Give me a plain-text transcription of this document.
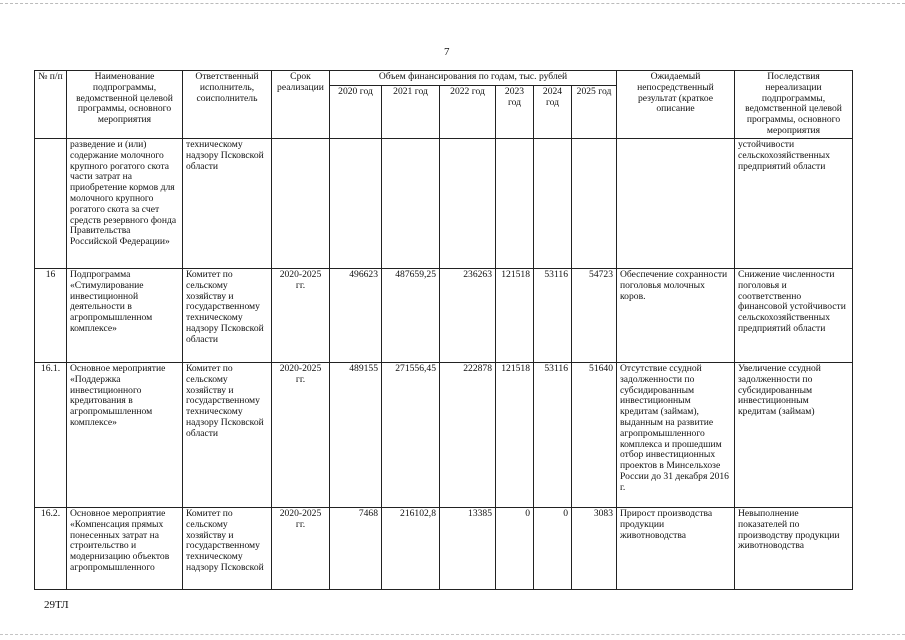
7
№ п/п	Наименование подпрограммы, ведомственной целевой программы, основного мероприятия	Ответственный исполнитель, соисполнитель	Срок реализации	Объем финансирования по годам, тыс. рублей						Ожидаемый непосредственный результат (краткое описание	Последствия нереализации подпрограммы, ведомственной целевой программы, основного мероприятия
				2020 год	2021 год	2022 год	2023 год	2024 год	2025 год		
	разведение и (или) содержание молочного крупного рогатого скота части затрат на приобретение кормов для молочного крупного рогатого скота за счет средств резервного фонда Правительства Российской Федерации»	техническому надзору Псковской области									устойчивости сельскохозяйственных предприятий области
16	Подпрограмма «Стимулирование инвестиционной деятельности в агропромышленном комплексе»	Комитет по сельскому хозяйству и государственному техническому надзору Псковской области	2020-2025 гг.	496623	487659,25	236263	121518	53116	54723	Обеспечение сохранности поголовья молочных коров.	Снижение численности поголовья и соответственно финансовой устойчивости сельскохозяйственных предприятий области
16.1.	Основное мероприятие «Поддержка инвестиционного кредитования в агропромышленном комплексе»	Комитет по сельскому хозяйству и государственному техническому надзору Псковской области	2020-2025 гг.	489155	271556,45	222878	121518	53116	51640	Отсутствие ссудной задолженности по субсидированным инвестиционным кредитам (займам), выданным на развитие агропромышленного комплекса и прошедшим отбор инвестиционных проектов в Минсельхозе России до 31 декабря 2016 г.	Увеличение ссудной задолженности по субсидированным инвестиционным кредитам (займам)
16.2.	Основное мероприятие «Компенсация прямых понесенных затрат на строительство и модернизацию объектов агропромышленного	Комитет по сельскому хозяйству и государственному техническому надзору Псковской	2020-2025 гг.	7468	216102,8	13385	0	0	3083	Прирост производства продукции животноводства	Невыполнение показателей по производству продукции животноводства
29ТЛ
